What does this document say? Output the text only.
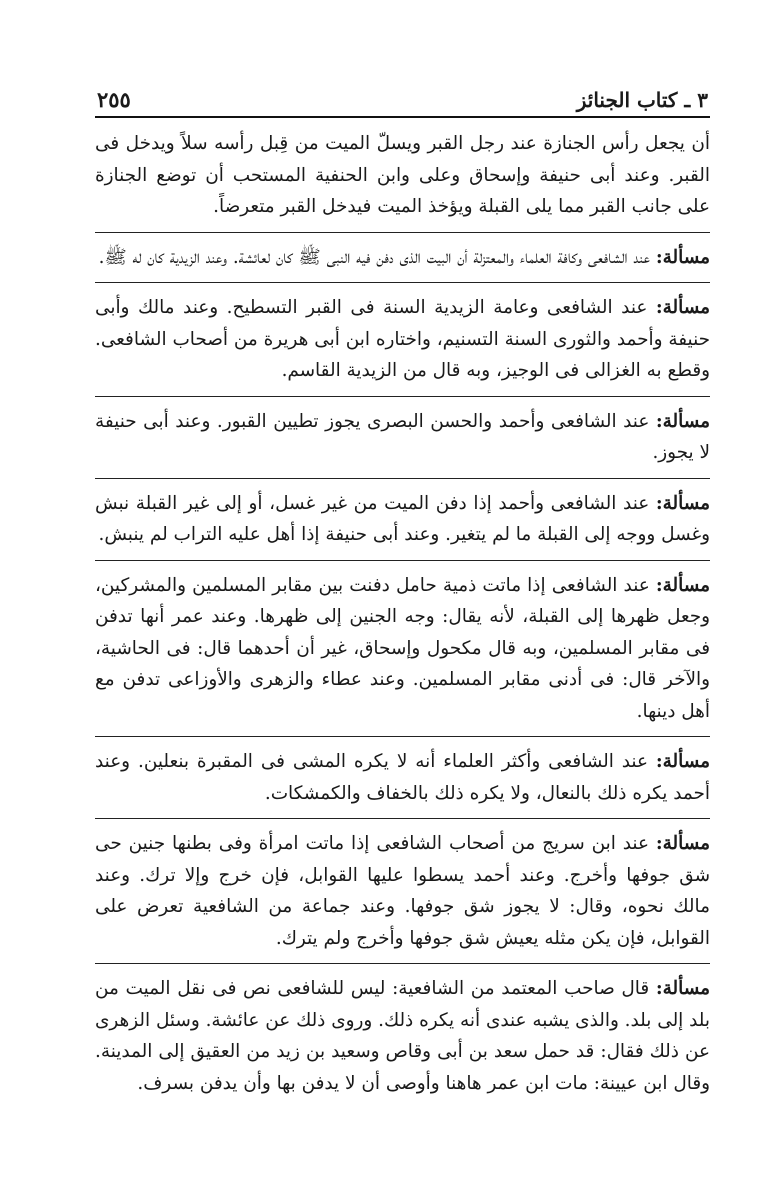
٣ ـ كتاب الجنائز
٢٥٥

أن يجعل رأس الجنازة عند رجل القبر ويسلّ الميت من قِبل رأسه سلاً ويدخل فى القبر. وعند أبى حنيفة وإسحاق وعلى وابن الحنفية المستحب أن توضع الجنازة على جانب القبر مما يلى القبلة ويؤخذ الميت فيدخل القبر متعرضاً.

مسألة: عند الشافعى وكافة العلماء والمعتزلة أن البيت الذى دفن فيه النبى ﷺ كان لعائشة. وعند الزيدية كان له ﷺ.

مسألة: عند الشافعى وعامة الزيدية السنة فى القبر التسطيح. وعند مالك وأبى حنيفة وأحمد والثورى السنة التسنيم، واختاره ابن أبى هريرة من أصحاب الشافعى. وقطع به الغزالى فى الوجيز، وبه قال من الزيدية القاسم.

مسألة: عند الشافعى وأحمد والحسن البصرى يجوز تطيين القبور. وعند أبى حنيفة لا يجوز.

مسألة: عند الشافعى وأحمد إذا دفن الميت من غير غسل، أو إلى غير القبلة نبش وغسل ووجه إلى القبلة ما لم يتغير. وعند أبى حنيفة إذا أهل عليه التراب لم ينبش.

مسألة: عند الشافعى إذا ماتت ذمية حامل دفنت بين مقابر المسلمين والمشركين، وجعل ظهرها إلى القبلة، لأنه يقال: وجه الجنين إلى ظهرها. وعند عمر أنها تدفن فى مقابر المسلمين، وبه قال مكحول وإسحاق، غير أن أحدهما قال: فى الحاشية، والآخر قال: فى أدنى مقابر المسلمين. وعند عطاء والزهرى والأوزاعى تدفن مع أهل دينها.

مسألة: عند الشافعى وأكثر العلماء أنه لا يكره المشى فى المقبرة بنعلين. وعند أحمد يكره ذلك بالنعال، ولا يكره ذلك بالخفاف والكمشكات.

مسألة: عند ابن سريج من أصحاب الشافعى إذا ماتت امرأة وفى بطنها جنين حى شق جوفها وأخرج. وعند أحمد يسطوا عليها القوابل، فإن خرج وإلا ترك. وعند مالك نحوه، وقال: لا يجوز شق جوفها. وعند جماعة من الشافعية تعرض على القوابل، فإن يكن مثله يعيش شق جوفها وأخرج ولم يترك.

مسألة: قال صاحب المعتمد من الشافعية: ليس للشافعى نص فى نقل الميت من بلد إلى بلد. والذى يشبه عندى أنه يكره ذلك. وروى ذلك عن عائشة. وسئل الزهرى عن ذلك فقال: قد حمل سعد بن أبى وقاص وسعيد بن زيد من العقيق إلى المدينة. وقال ابن عيينة: مات ابن عمر هاهنا وأوصى أن لا يدفن بها وأن يدفن بسرف.
